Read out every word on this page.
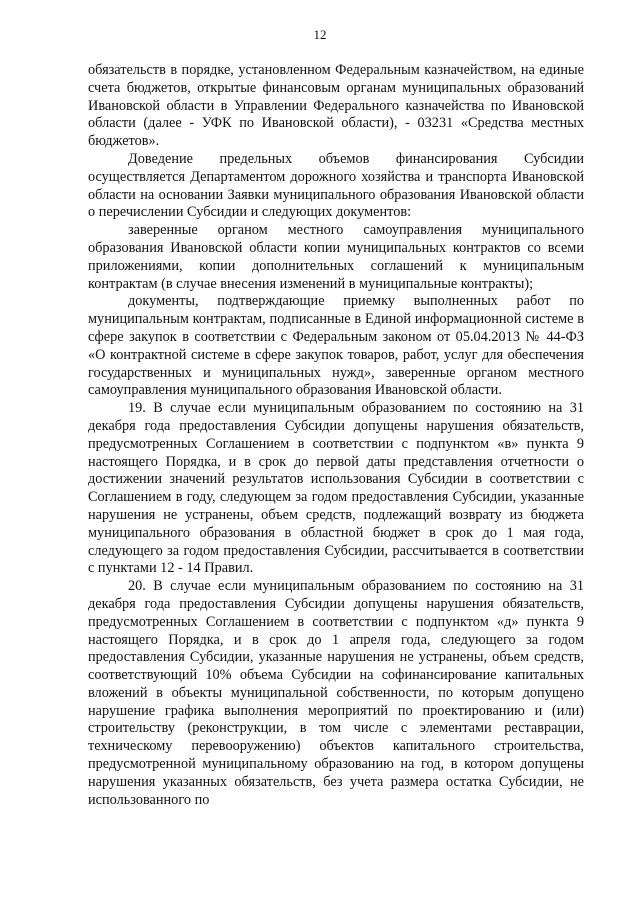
12

обязательств в порядке, установленном Федеральным казначейством, на единые счета бюджетов, открытые финансовым органам муниципальных образований Ивановской области в Управлении Федерального казначейства по Ивановской области (далее - УФК по Ивановской области), - 03231 «Средства местных бюджетов».

Доведение предельных объемов финансирования Субсидии осуществляется Департаментом дорожного хозяйства и транспорта Ивановской области на основании Заявки муниципального образования Ивановской области о перечислении Субсидии и следующих документов:

заверенные органом местного самоуправления муниципального образования Ивановской области копии муниципальных контрактов со всеми приложениями, копии дополнительных соглашений к муниципальным контрактам (в случае внесения изменений в муниципальные контракты);

документы, подтверждающие приемку выполненных работ по муниципальным контрактам, подписанные в Единой информационной системе в сфере закупок в соответствии с Федеральным законом от 05.04.2013 № 44-ФЗ «О контрактной системе в сфере закупок товаров, работ, услуг для обеспечения государственных и муниципальных нужд», заверенные органом местного самоуправления муниципального образования Ивановской области.

19. В случае если муниципальным образованием по состоянию на 31 декабря года предоставления Субсидии допущены нарушения обязательств, предусмотренных Соглашением в соответствии с подпунктом «в» пункта 9 настоящего Порядка, и в срок до первой даты представления отчетности о достижении значений результатов использования Субсидии в соответствии с Соглашением в году, следующем за годом предоставления Субсидии, указанные нарушения не устранены, объем средств, подлежащий возврату из бюджета муниципального образования в областной бюджет в срок до 1 мая года, следующего за годом предоставления Субсидии, рассчитывается в соответствии с пунктами 12 - 14 Правил.

20. В случае если муниципальным образованием по состоянию на 31 декабря года предоставления Субсидии допущены нарушения обязательств, предусмотренных Соглашением в соответствии с подпунктом «д» пункта 9 настоящего Порядка, и в срок до 1 апреля года, следующего за годом предоставления Субсидии, указанные нарушения не устранены, объем средств, соответствующий 10% объема Субсидии на софинансирование капитальных вложений в объекты муниципальной собственности, по которым допущено нарушение графика выполнения мероприятий по проектированию и (или) строительству (реконструкции, в том числе с элементами реставрации, техническому перевооружению) объектов капитального строительства, предусмотренной муниципальному образованию на год, в котором допущены нарушения указанных обязательств, без учета размера остатка Субсидии, не использованного по
